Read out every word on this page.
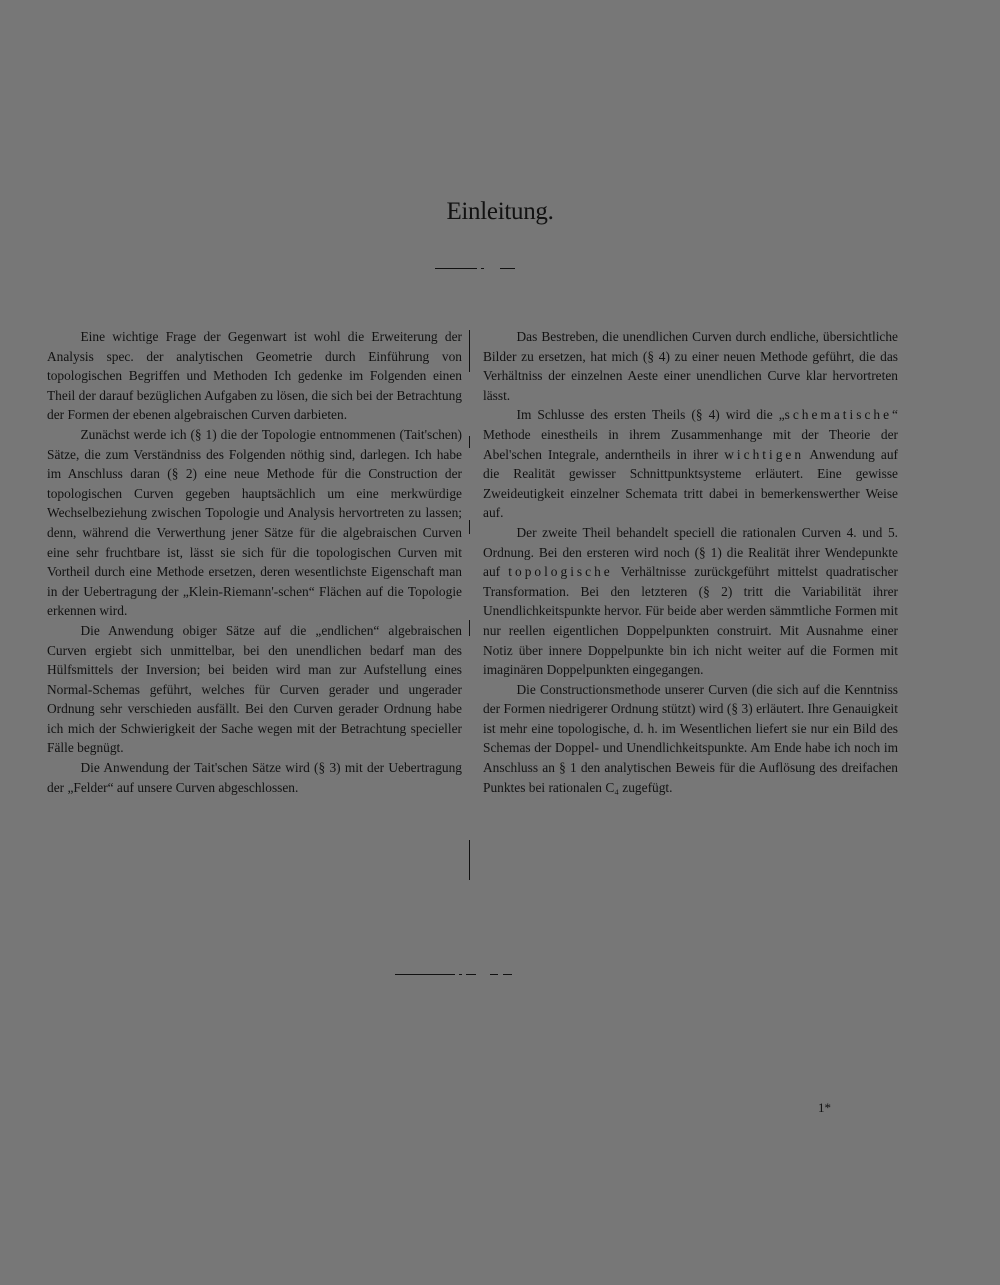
Einleitung.

Eine wichtige Frage der Gegenwart ist wohl die Erweiterung der Analysis spec. der analytischen Geometrie durch Einführung von topologischen Begriffen und Methoden Ich gedenke im Folgenden einen Theil der darauf bezüglichen Aufgaben zu lösen, die sich bei der Betrachtung der Formen der ebenen algebraischen Curven darbieten.

Zunächst werde ich (§ 1) die der Topologie entnommenen (Tait'schen) Sätze, die zum Verständniss des Folgenden nöthig sind, darlegen. Ich habe im Anschluss daran (§ 2) eine neue Methode für die Construction der topologischen Curven gegeben hauptsächlich um eine merkwürdige Wechselbeziehung zwischen Topologie und Analysis hervortreten zu lassen; denn, während die Verwerthung jener Sätze für die algebraischen Curven eine sehr fruchtbare ist, lässt sie sich für die topologischen Curven mit Vortheil durch eine Methode ersetzen, deren wesentlichste Eigenschaft man in der Uebertragung der „Klein-Riemann'-schen“ Flächen auf die Topologie erkennen wird.

Die Anwendung obiger Sätze auf die „endlichen“ algebraischen Curven ergiebt sich unmittelbar, bei den unendlichen bedarf man des Hülfsmittels der Inversion; bei beiden wird man zur Aufstellung eines Normal-Schemas geführt, welches für Curven gerader und ungerader Ordnung sehr verschieden ausfällt. Bei den Curven gerader Ordnung habe ich mich der Schwierigkeit der Sache wegen mit der Betrachtung specieller Fälle begnügt.

Die Anwendung der Tait'schen Sätze wird (§ 3) mit der Uebertragung der „Felder“ auf unsere Curven abgeschlossen.

Das Bestreben, die unendlichen Curven durch endliche, übersichtliche Bilder zu ersetzen, hat mich (§ 4) zu einer neuen Methode geführt, die das Verhältniss der einzelnen Aeste einer unendlichen Curve klar hervortreten lässt.

Im Schlusse des ersten Theils (§ 4) wird die „schematische“ Methode einestheils in ihrem Zusammenhange mit der Theorie der Abel'schen Integrale, anderntheils in ihrer wichtigen Anwendung auf die Realität gewisser Schnittpunktsysteme erläutert. Eine gewisse Zweideutigkeit einzelner Schemata tritt dabei in bemerkenswerther Weise auf.

Der zweite Theil behandelt speciell die rationalen Curven 4. und 5. Ordnung. Bei den ersteren wird noch (§ 1) die Realität ihrer Wendepunkte auf topologische Verhältnisse zurückgeführt mittelst quadratischer Transformation. Bei den letzteren (§ 2) tritt die Variabilität ihrer Unendlichkeitspunkte hervor. Für beide aber werden sämmtliche Formen mit nur reellen eigentlichen Doppelpunkten construirt. Mit Ausnahme einer Notiz über innere Doppelpunkte bin ich nicht weiter auf die Formen mit imaginären Doppelpunkten eingegangen.

Die Constructionsmethode unserer Curven (die sich auf die Kenntniss der Formen niedrigerer Ordnung stützt) wird (§ 3) erläutert. Ihre Genauigkeit ist mehr eine topologische, d. h. im Wesentlichen liefert sie nur ein Bild des Schemas der Doppel- und Unendlichkeitspunkte. Am Ende habe ich noch im Anschluss an § 1 den analytischen Beweis für die Auflösung des dreifachen Punktes bei rationalen C₄ zugefügt.

1*
